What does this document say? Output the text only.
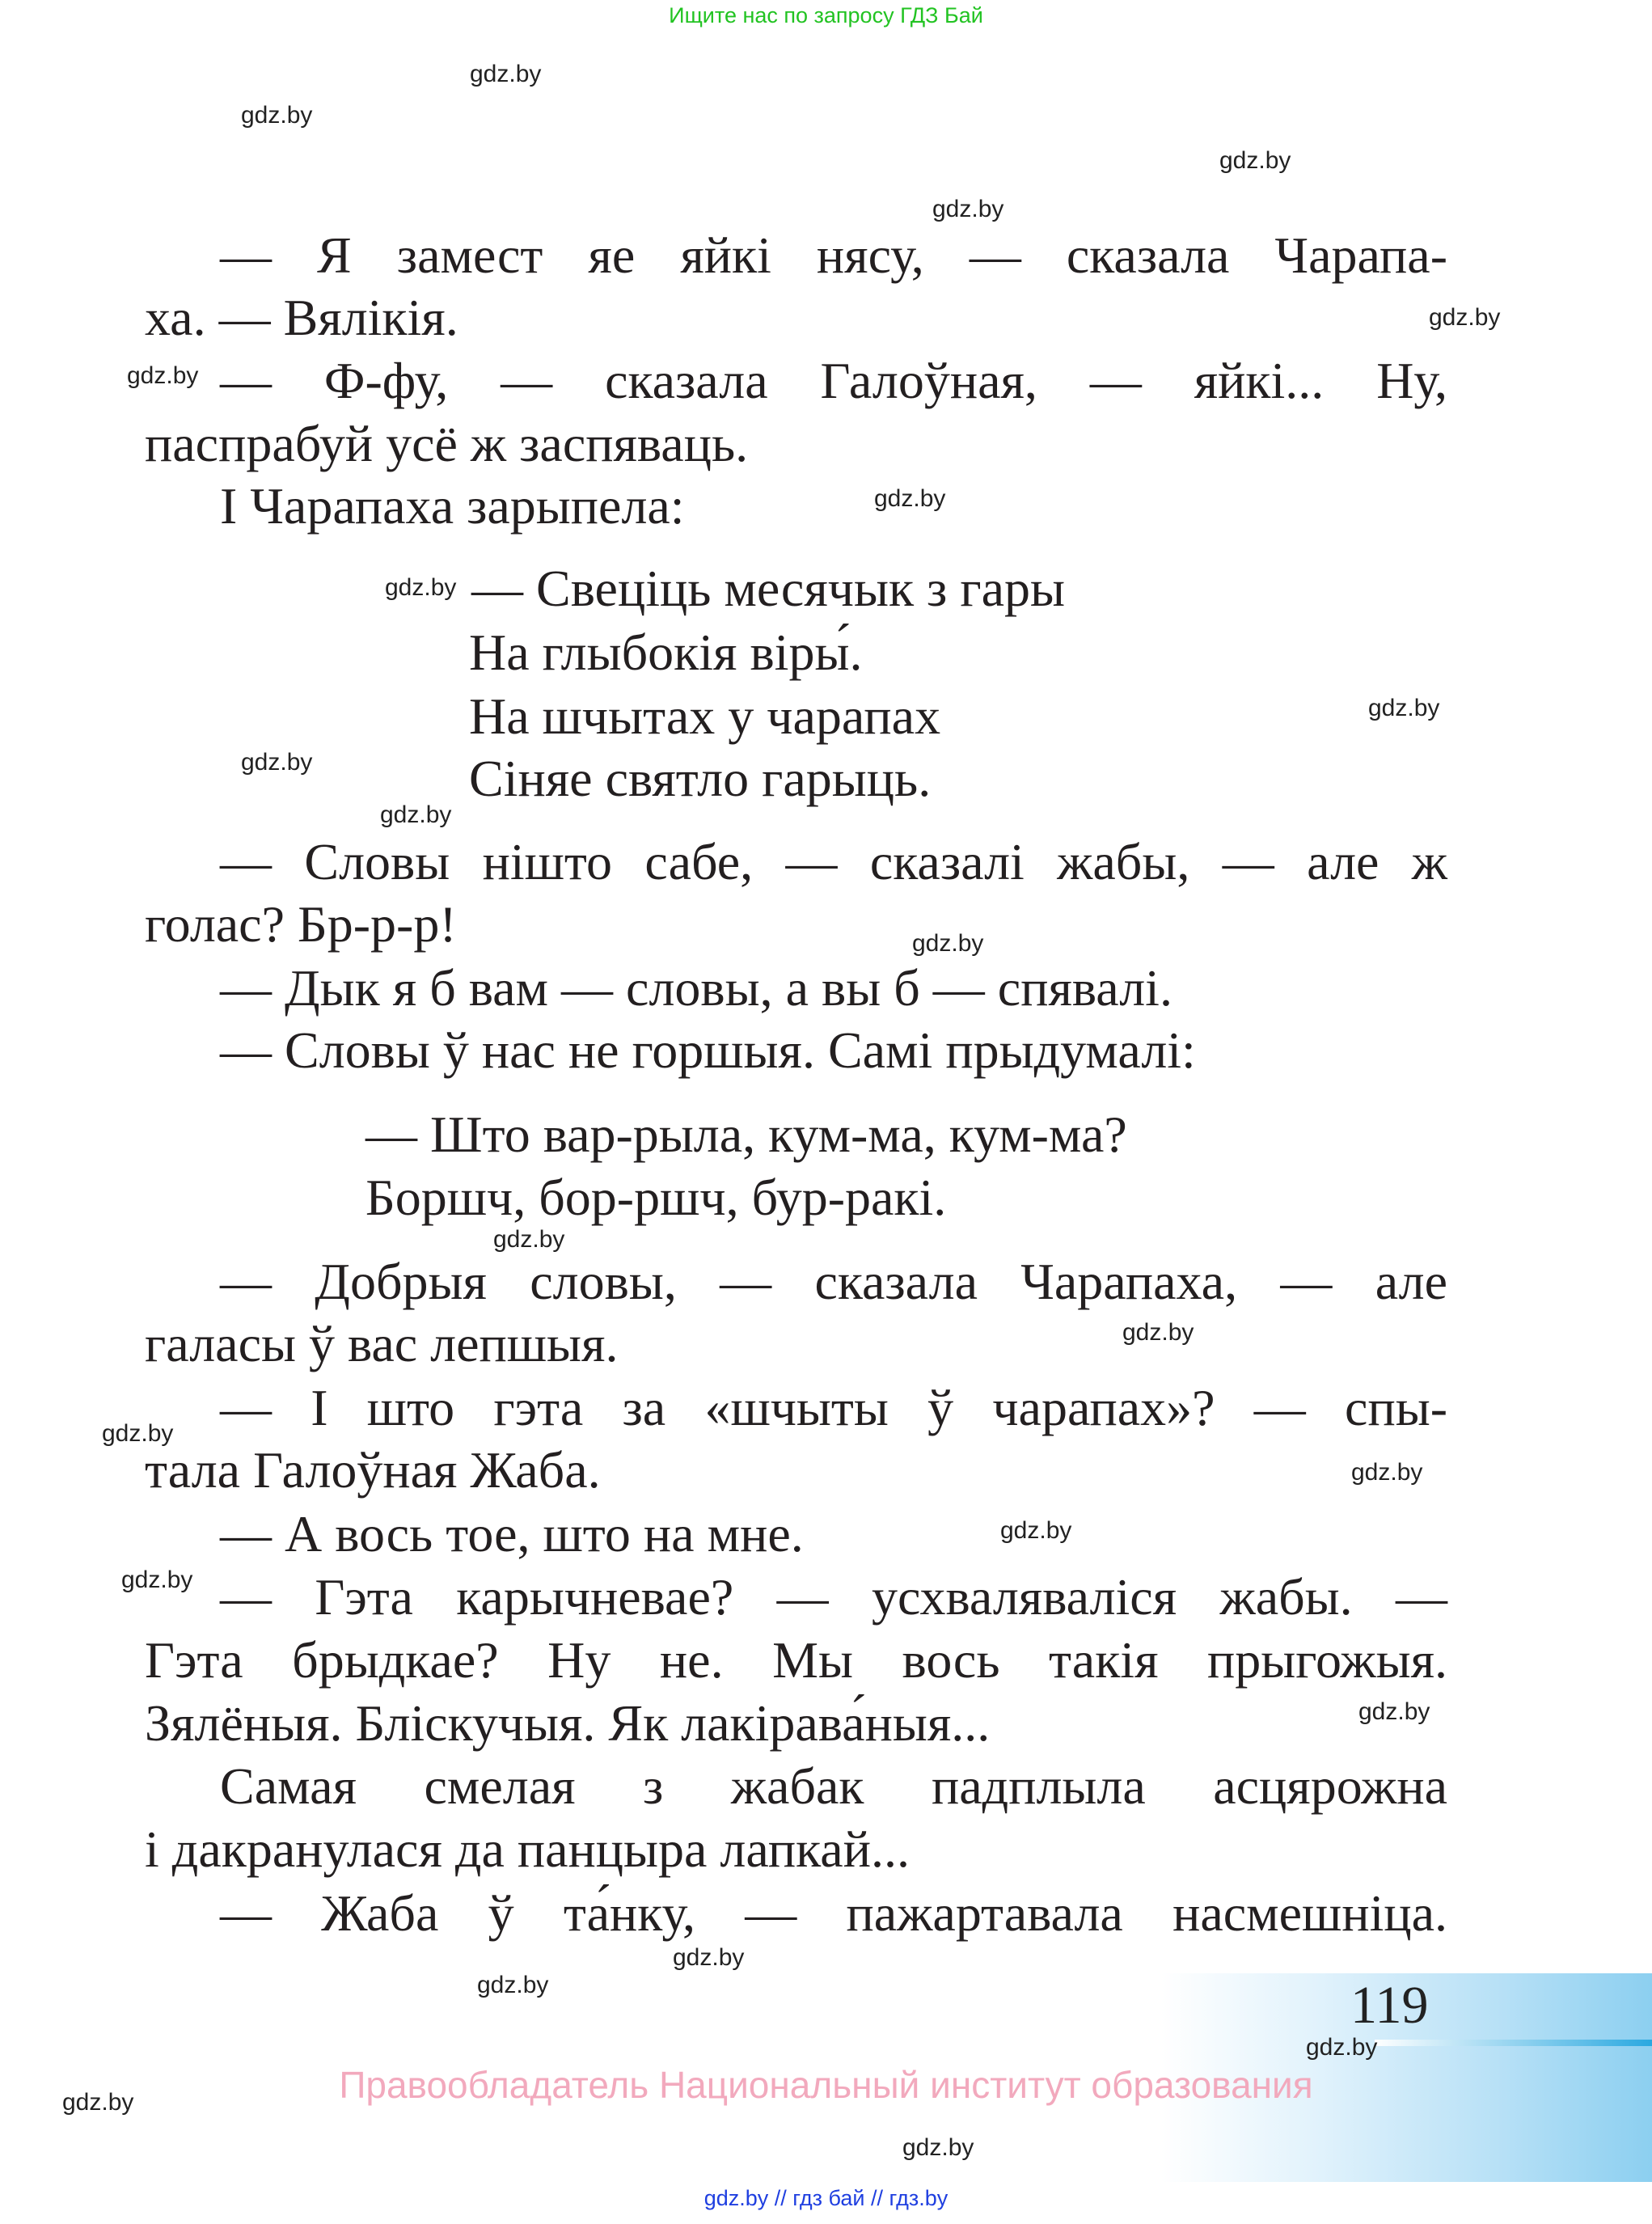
Ищите нас по запросу ГДЗ Бай
— Я замест яе яйкі нясу, — сказала Чарапа-
ха. — Вялікія.
— Ф-фу, — сказала Галоўная, — яйкі... Ну,
паспрабуй усё ж заспяваць.
І Чарапаха зарыпела:
— Свеціць месячык з гары
На глыбокія віры́.
На шчытах у чарапах
Сіняе святло гарыць.
— Словы нішто сабе, — сказалі жабы, — але ж
голас? Бр-р-р!
— Дык я б вам — словы, а вы б — спявалі.
— Словы ў нас не горшыя. Самі прыдумалі:
— Што вар-рыла, кум-ма, кум-ма?
Боршч, бор-ршч, бур-ракі.
— Добрыя словы, — сказала Чарапаха, — але
галасы ў вас лепшыя.
— І што гэта за «шчыты ў чарапах»? — спы-
тала Галоўная Жаба.
— А вось тое, што на мне.
— Гэта карычневае? — усхваляваліся жабы. —
Гэта брыдкае? Ну не. Мы вось такія прыгожыя.
Зялёныя. Бліскучыя. Як лакірава́ныя...
Самая смелая з жабак падплыла асцярожна
і дакранулася да панцыра лапкай...
— Жаба ў та́нку, — пажартавала насмешніца.
119
Правообладатель Национальный институт образования
gdz.by
gdz.by
gdz.by
gdz.by
gdz.by
gdz.by
gdz.by
gdz.by
gdz.by
gdz.by
gdz.by
gdz.by
gdz.by
gdz.by
gdz.by
gdz.by
gdz.by
gdz.by
gdz.by
gdz.by
gdz.by
gdz.by
gdz.by
gdz.by
gdz.by // гдз бай // гдз.by
